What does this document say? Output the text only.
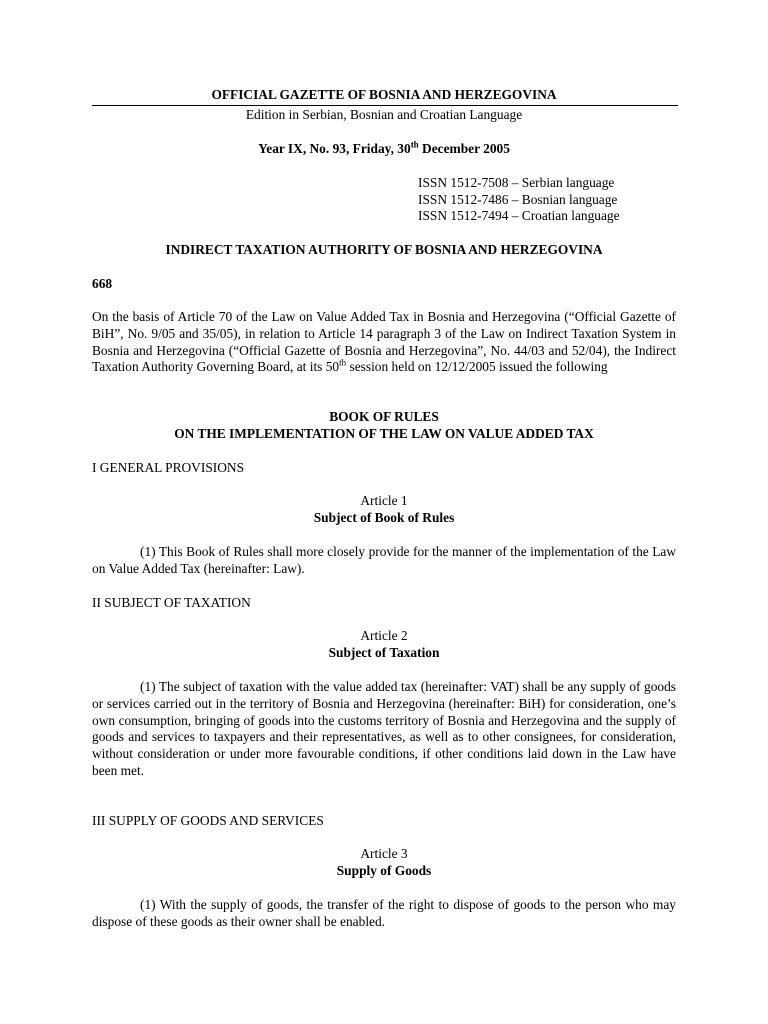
OFFICIAL GAZETTE OF BOSNIA AND HERZEGOVINA
Edition in Serbian, Bosnian and Croatian Language
Year IX, No. 93, Friday, 30th December 2005
ISSN 1512-7508 – Serbian language
ISSN 1512-7486 – Bosnian language
ISSN 1512-7494 – Croatian language
INDIRECT TAXATION AUTHORITY OF BOSNIA AND HERZEGOVINA
668
On the basis of Article 70 of the Law on Value Added Tax in Bosnia and Herzegovina (“Official Gazette of BiH”, No. 9/05 and 35/05), in relation to Article 14 paragraph 3 of the Law on Indirect Taxation System in Bosnia and Herzegovina (“Official Gazette of Bosnia and Herzegovina”, No. 44/03 and 52/04), the Indirect Taxation Authority Governing Board, at its 50th session held on 12/12/2005 issued the following
BOOK OF RULES
ON THE IMPLEMENTATION OF THE LAW ON VALUE ADDED TAX
I GENERAL PROVISIONS
Article 1
Subject of Book of Rules
(1) This Book of Rules shall more closely provide for the manner of the implementation of the Law on Value Added Tax (hereinafter: Law).
II SUBJECT OF TAXATION
Article 2
Subject of Taxation
(1) The subject of taxation with the value added tax (hereinafter: VAT) shall be any supply of goods or services carried out in the territory of Bosnia and Herzegovina (hereinafter: BiH) for consideration, one’s own consumption, bringing of goods into the customs territory of Bosnia and Herzegovina and the supply of goods and services to taxpayers and their representatives, as well as to other consignees, for consideration, without consideration or under more favourable conditions, if other conditions laid down in the Law have been met.
III SUPPLY OF GOODS AND SERVICES
Article 3
Supply of Goods
(1) With the supply of goods, the transfer of the right to dispose of goods to the person who may dispose of these goods as their owner shall be enabled.
